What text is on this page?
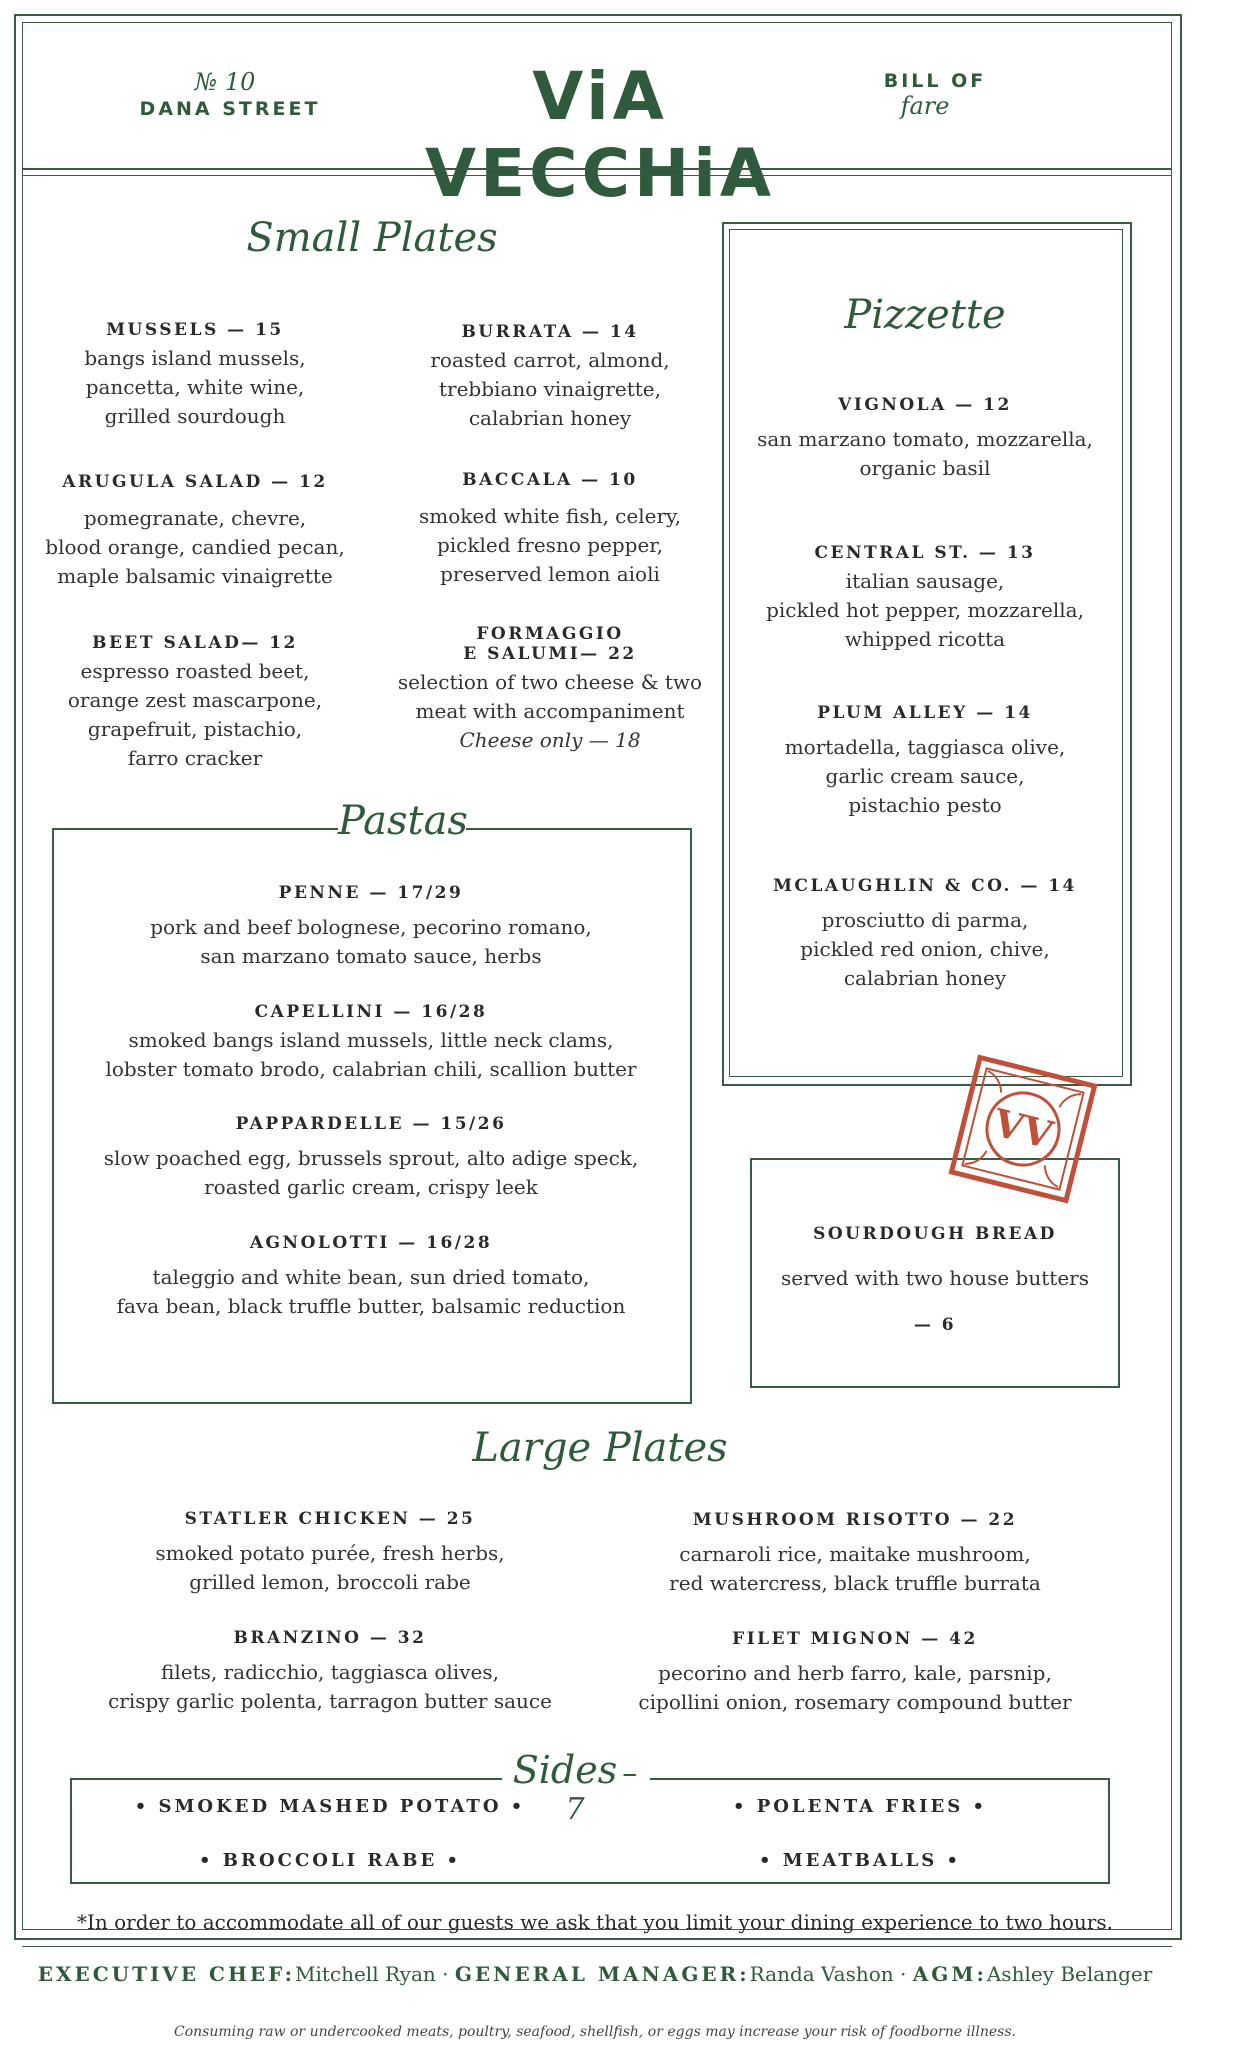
№ 10
DANA STREET	ViA VECCHiA
BILL OF
fare
Small Plates
MUSSELS — 15
bangs island mussels,
pancetta, white wine,
grilled sourdough
ARUGULA SALAD — 12
pomegranate, chevre,
blood orange, candied pecan,
maple balsamic vinaigrette
BEET SALAD— 12
espresso roasted beet,
orange zest mascarpone,
grapefruit, pistachio,
farro cracker
BURRATA — 14
roasted carrot, almond,
trebbiano vinaigrette,
calabrian honey
BACCALA — 10
smoked white fish, celery,
pickled fresno pepper,
preserved lemon aioli
FORMAGGIO
E SALUMI— 22
selection of two cheese & two
meat with accompaniment
Cheese only — 18
Pizzette
VIGNOLA — 12
san marzano tomato, mozzarella,
organic basil
CENTRAL ST. — 13
italian sausage,
pickled hot pepper, mozzarella,
whipped ricotta
PLUM ALLEY — 14
mortadella, taggiasca olive,
garlic cream sauce,
pistachio pesto
MCLAUGHLIN & CO. — 14
prosciutto di parma,
pickled red onion, chive,
calabrian honey
Pastas
PENNE — 17/29
pork and beef bolognese, pecorino romano,
san marzano tomato sauce, herbs
CAPELLINI — 16/28
smoked bangs island mussels, little neck clams,
lobster tomato brodo, calabrian chili, scallion butter
PAPPARDELLE — 15/26
slow poached egg, brussels sprout, alto adige speck,
roasted garlic cream, crispy leek
AGNOLOTTI — 16/28
taleggio and white bean, sun dried tomato,
fava bean, black truffle butter, balsamic reduction
SOURDOUGH BREAD
served with two house butters
— 6
VV
Large Plates
STATLER CHICKEN — 25
smoked potato purée, fresh herbs,
grilled lemon, broccoli rabe
BRANZINO — 32
filets, radicchio, taggiasca olives,
crispy garlic polenta, tarragon butter sauce
MUSHROOM RISOTTO — 22
carnaroli rice, maitake mushroom,
red watercress, black truffle burrata
FILET MIGNON — 42
pecorino and herb farro, kale, parsnip,
cipollini onion, rosemary compound butter
Sides – 7
• SMOKED MASHED POTATO •	• POLENTA FRIES •
• BROCCOLI RABE •	• MEATBALLS •
*In order to accommodate all of our guests we ask that you limit your dining experience to two hours.
EXECUTIVE CHEF:Mitchell Ryan · GENERAL MANAGER:Randa Vashon · AGM:Ashley Belanger
Consuming raw or undercooked meats, poultry, seafood, shellfish, or eggs may increase your risk of foodborne illness.
